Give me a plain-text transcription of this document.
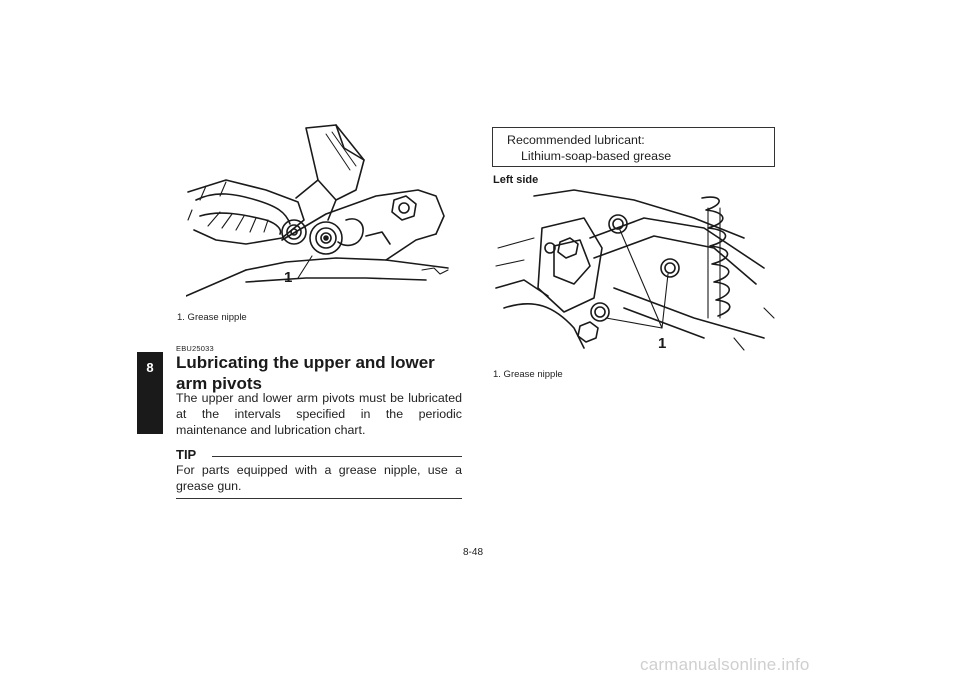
8
1
1. Grease nipple
EBU25033
Lubricating the upper and lower arm pivots
The upper and lower arm pivots must be lubricated at the intervals specified in the periodic maintenance and lubrication chart.
TIP
For parts equipped with a grease nipple, use a grease gun.
Recommended lubricant:
Lithium-soap-based grease
Left side
1
1. Grease nipple
8-48
carmanualsonline.info
